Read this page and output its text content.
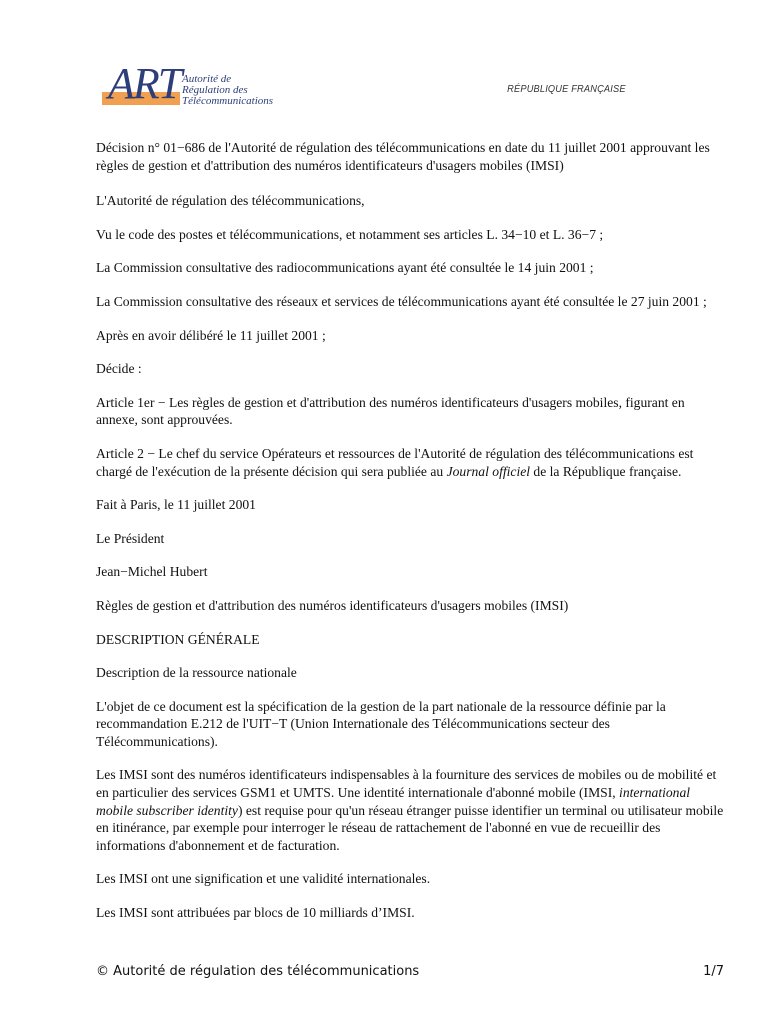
ART Autorité de
Régulation des
Télécommunications
RÉPUBLIQUE FRANÇAISE

Décision n° 01−686 de l'Autorité de régulation des télécommunications en date du 11 juillet 2001 approuvant les règles de gestion et d'attribution des numéros identificateurs d'usagers mobiles (IMSI)

L'Autorité de régulation des télécommunications,

Vu le code des postes et télécommunications, et notamment ses articles L. 34−10 et L. 36−7 ;

La Commission consultative des radiocommunications ayant été consultée le 14 juin 2001 ;

La Commission consultative des réseaux et services de télécommunications ayant été consultée le 27 juin 2001 ;

Après en avoir délibéré le 11 juillet 2001 ;

Décide :

Article 1er − Les règles de gestion et d'attribution des numéros identificateurs d'usagers mobiles, figurant en annexe, sont approuvées.

Article 2 − Le chef du service Opérateurs et ressources de l'Autorité de régulation des télécommunications est chargé de l'exécution de la présente décision qui sera publiée au Journal officiel de la République française.

Fait à Paris, le 11 juillet 2001

Le Président

Jean−Michel Hubert

Règles de gestion et d'attribution des numéros identificateurs d'usagers mobiles (IMSI)

DESCRIPTION GÉNÉRALE

Description de la ressource nationale

L'objet de ce document est la spécification de la gestion de la part nationale de la ressource définie par la recommandation E.212 de l'UIT−T (Union Internationale des Télécommunications secteur des Télécommunications).

Les IMSI sont des numéros identificateurs indispensables à la fourniture des services de mobiles ou de mobilité et en particulier des services GSM1 et UMTS. Une identité internationale d'abonné mobile (IMSI, international mobile subscriber identity) est requise pour qu'un réseau étranger puisse identifier un terminal ou utilisateur mobile en itinérance, par exemple pour interroger le réseau de rattachement de l'abonné en vue de recueillir des informations d'abonnement et de facturation.

Les IMSI ont une signification et une validité internationales.

Les IMSI sont attribuées par blocs de 10 milliards d’IMSI.

© Autorité de régulation des télécommunications	1/7
